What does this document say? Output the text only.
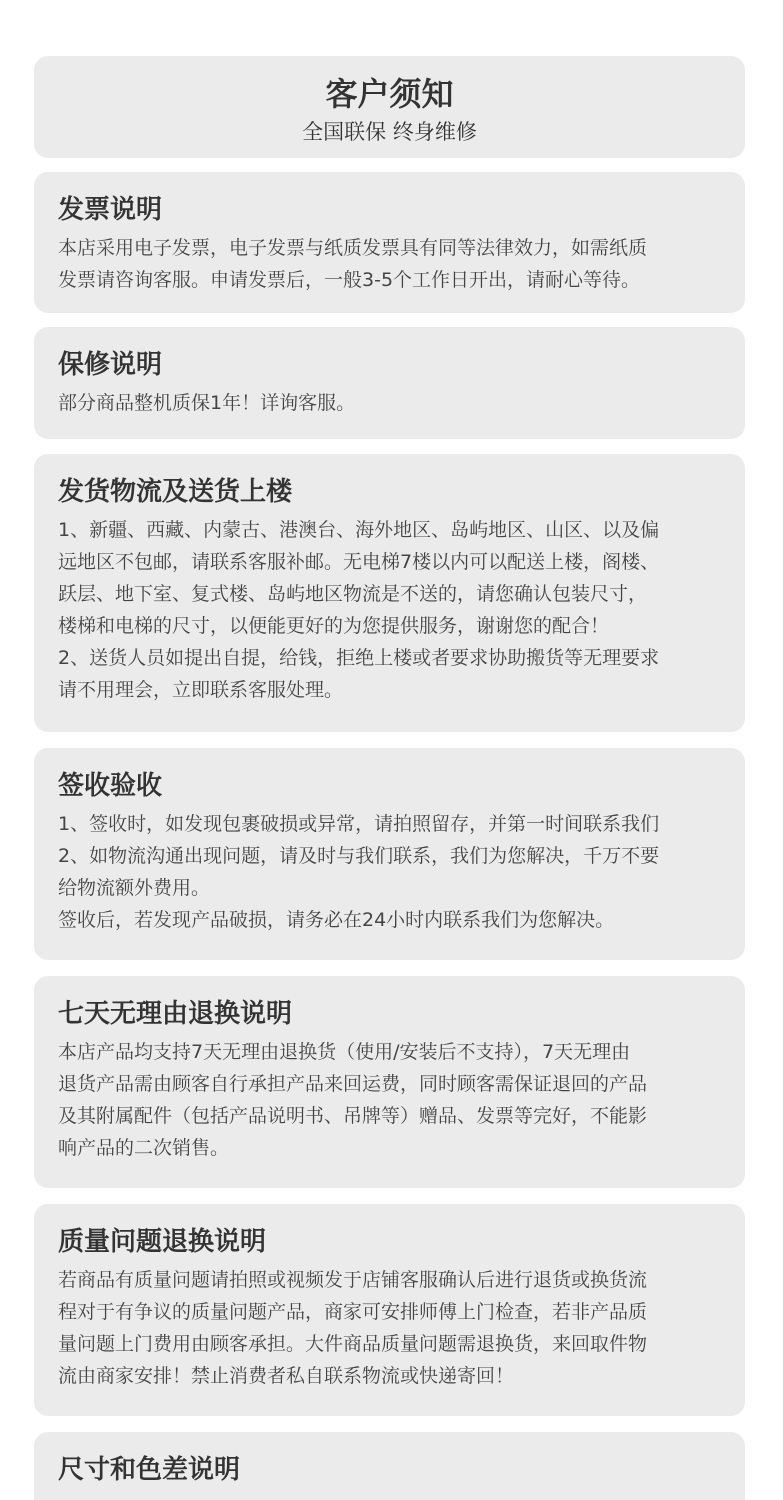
客户须知
全国联保 终身维修
发票说明
本店采用电子发票，电子发票与纸质发票具有同等法律效力，如需纸质
发票请咨询客服。申请发票后，一般3-5个工作日开出，请耐心等待。
保修说明
部分商品整机质保1年！详询客服。
发货物流及送货上楼
1、新疆、西藏、内蒙古、港澳台、海外地区、岛屿地区、山区、以及偏
远地区不包邮，请联系客服补邮。无电梯7楼以内可以配送上楼，阁楼、
跃层、地下室、复式楼、岛屿地区物流是不送的，请您确认包装尺寸，
楼梯和电梯的尺寸，以便能更好的为您提供服务，谢谢您的配合！
2、送货人员如提出自提，给钱，拒绝上楼或者要求协助搬货等无理要求
请不用理会，立即联系客服处理。
签收验收
1、签收时，如发现包裹破损或异常，请拍照留存，并第一时间联系我们
2、如物流沟通出现问题，请及时与我们联系，我们为您解决，千万不要
给物流额外费用。
签收后，若发现产品破损，请务必在24小时内联系我们为您解决。
七天无理由退换说明
本店产品均支持7天无理由退换货（使用/安装后不支持），7天无理由
退货产品需由顾客自行承担产品来回运费，同时顾客需保证退回的产品
及其附属配件（包括产品说明书、吊牌等）赠品、发票等完好，不能影
响产品的二次销售。
质量问题退换说明
若商品有质量问题请拍照或视频发于店铺客服确认后进行退货或换货流
程对于有争议的质量问题产品，商家可安排师傅上门检查，若非产品质
量问题上门费用由顾客承担。大件商品质量问题需退换货，来回取件物
流由商家安排！禁止消费者私自联系物流或快递寄回！
尺寸和色差说明
